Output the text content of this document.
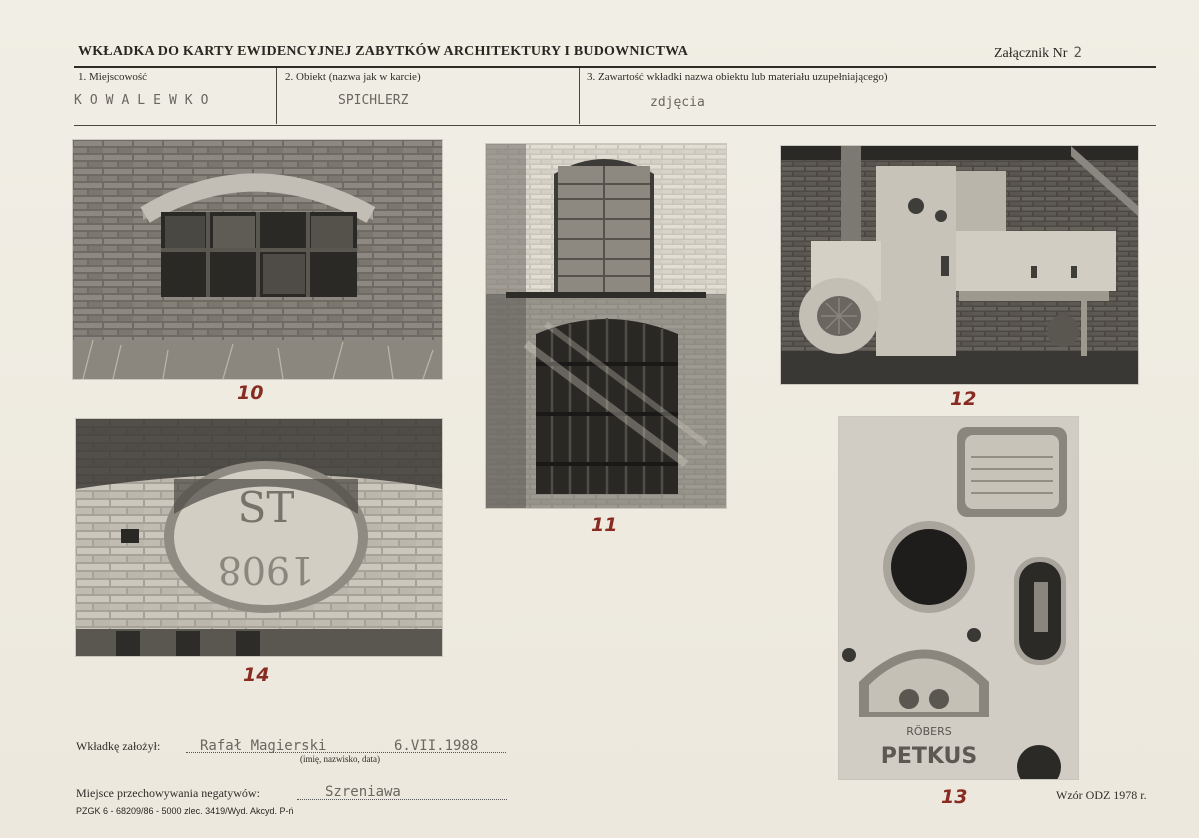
WKŁADKA DO KARTY EWIDENCYJNEJ ZABYTKÓW ARCHITEKTURY I BUDOWNICTWA	Załącznik Nr 2
1. Miejscowość
KOWALEWKO
2. Obiekt (nazwa jak w karcie)
SPICHLERZ
3. Zawartość wkładki nazwa obiektu lub materiału uzupełniającego)
zdjęcia
10
11
12
ST
1908
14
RÖBERS
PETKUS
13
Wkładkę założył:	Rafał Magierski	6.VII.1988
(imię, nazwisko, data)
Miejsce przechowywania negatywów:	Szreniawa
PZGK 6 - 68209/86 - 5000 zlec. 3419/Wyd. Akcyd. P-ń
Wzór ODZ 1978 r.
